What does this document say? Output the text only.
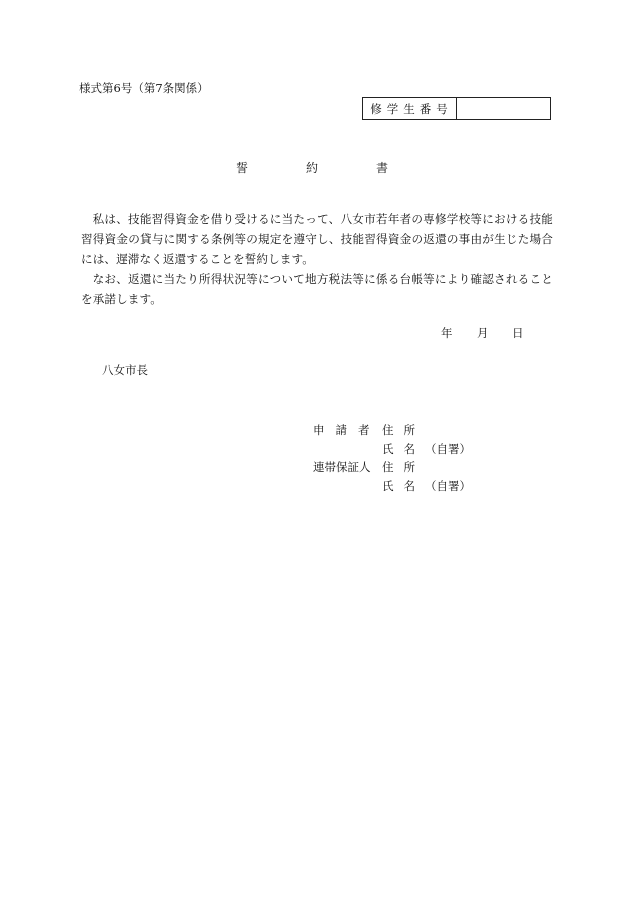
様式第6号（第7条関係）
修学生番号
誓	約	書

私は、技能習得資金を借り受けるに当たって、八女市若年者の専修学校等における技能習得資金の貸与に関する条例等の規定を遵守し、技能習得資金の返還の事由が生じた場合には、遅滞なく返還することを誓約します。

なお、返還に当たり所得状況等について地方税法等に係る台帳等により確認されることを承諾します。

年 月 日
八女市長
申請者 住所
氏名（自署）
連帯保証人 住所
氏名（自署）
